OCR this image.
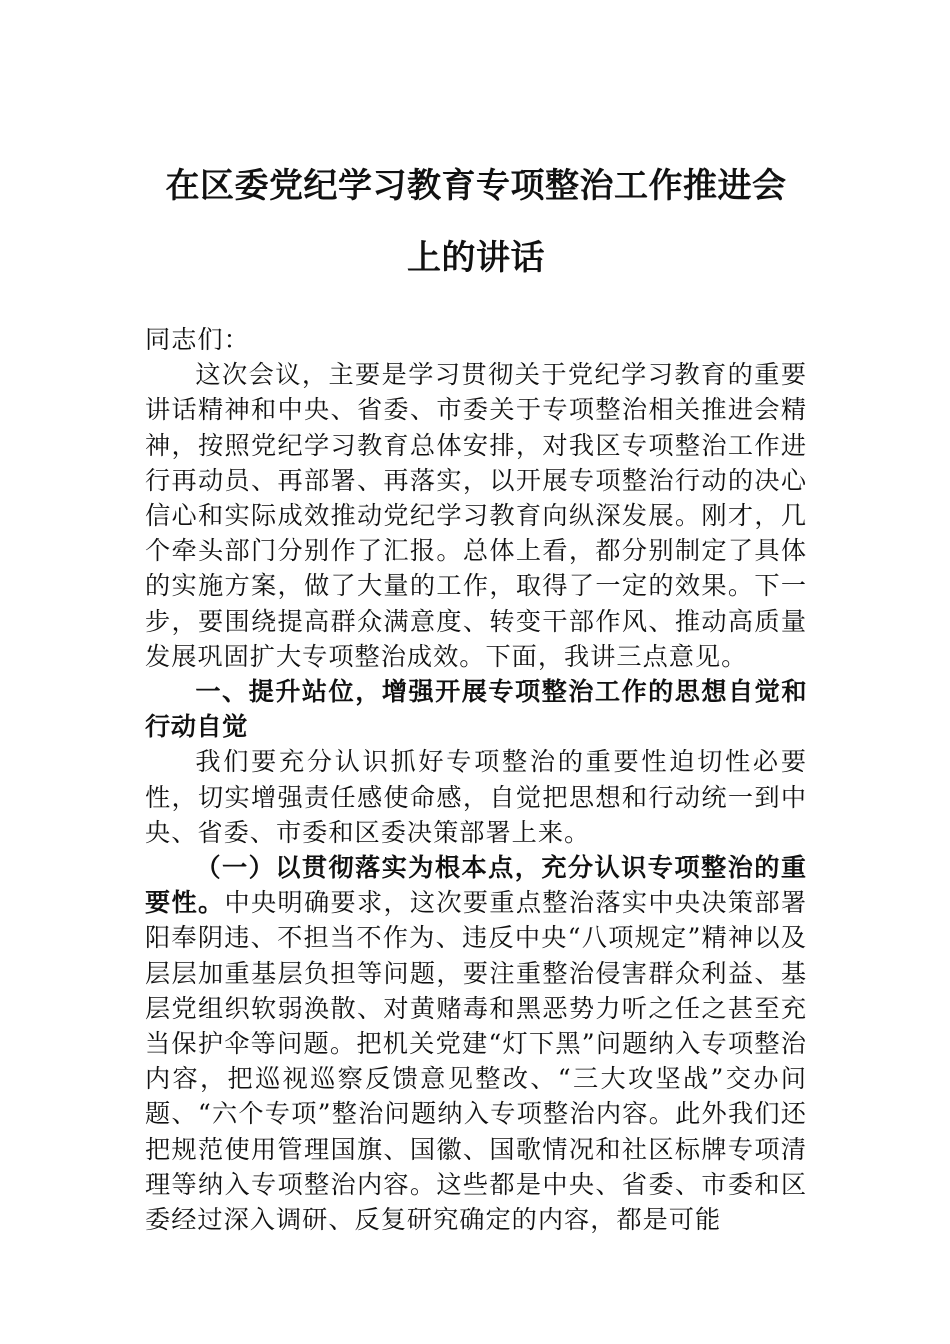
在区委党纪学习教育专项整治工作推进会
上的讲话
同志们：

这次会议，主要是学习贯彻关于党纪学习教育的重要讲话精神和中央、省委、市委关于专项整治相关推进会精神，按照党纪学习教育总体安排，对我区专项整治工作进行再动员、再部署、再落实，以开展专项整治行动的决心信心和实际成效推动党纪学习教育向纵深发展。刚才，几个牵头部门分别作了汇报。总体上看，都分别制定了具体的实施方案，做了大量的工作，取得了一定的效果。下一步，要围绕提高群众满意度、转变干部作风、推动高质量发展巩固扩大专项整治成效。下面，我讲三点意见。

一、提升站位，增强开展专项整治工作的思想自觉和行动自觉

我们要充分认识抓好专项整治的重要性迫切性必要性，切实增强责任感使命感，自觉把思想和行动统一到中央、省委、市委和区委决策部署上来。

（一）以贯彻落实为根本点，充分认识专项整治的重要性。中央明确要求，这次要重点整治落实中央决策部署阳奉阴违、不担当不作为、违反中央“八项规定”精神以及层层加重基层负担等问题，要注重整治侵害群众利益、基层党组织软弱涣散、对黄赌毒和黑恶势力听之任之甚至充当保护伞等问题。把机关党建“灯下黑”问题纳入专项整治内容，把巡视巡察反馈意见整改、“三大攻坚战”交办问题、“六个专项”整治问题纳入专项整治内容。此外我们还把规范使用管理国旗、国徽、国歌情况和社区标牌专项清理等纳入专项整治内容。这些都是中央、省委、市委和区委经过深入调研、反复研究确定的内容，都是可能
